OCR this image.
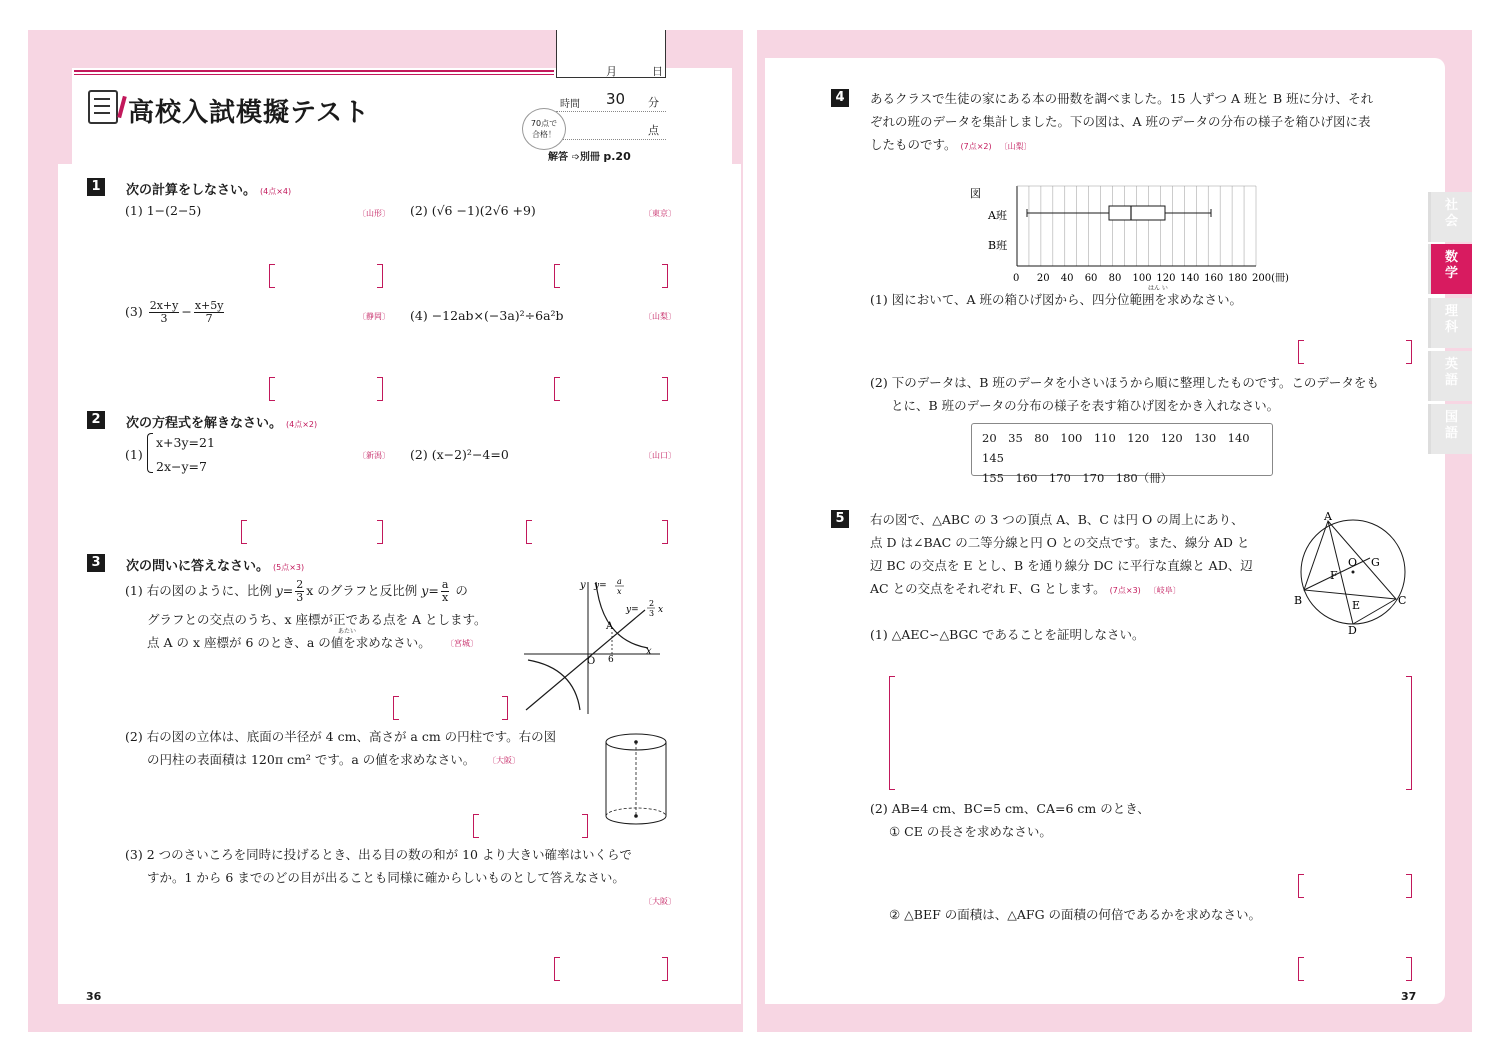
高校入試模擬テスト
月	日
時間 30 分
点
70点で
合格！
解答 ➩別冊 p.20
1	次の計算をしなさい。 (4点×4)
(1) 1−(2−5)	〔山形〕 (2) (√6 −1)(2√6 +9)	〔東京〕
$(3) \frac{2x+y}{3} - \frac{x+5y}{7}$	〔静岡〕 (4) −12ab×(−3a)²÷6a²b	〔山梨〕
2	次の方程式を解きなさい。 (4点×2)
(1)
x+3y=21
2x−y=7
〔新潟〕 (2) (x−2)²−4=0	〔山口〕
3	次の問いに答えなさい。 (5点×3)
(1) 右の図のように、比例 $y= \frac{2}{3}$ x のグラフと反比例 $y= \frac{a}{x}$ の
グラフとの交点のうち、x 座標が正である点を A とします。
あたい
点 A の x 座標が 6 のとき、a の値を求めなさい。 〔宮城〕
y
x
O 6
A
y= a
x
y=
2
3 x
(2) 右の図の立体は、底面の半径が 4 cm、高さが a cm の円柱です。右の図
の円柱の表面積は 120π cm² です。a の値を求めなさい。 〔大阪〕
(3) 2 つのさいころを同時に投げるとき、出る目の数の和が 10 より大きい確率はいくらで
すか。1 から 6 までのどの目が出ることも同様に確からしいものとして答えなさい。
〔大阪〕
36
4	あるクラスで生徒の家にある本の冊数を調べました。15 人ずつ A 班と B 班に分け、それ
ぞれの班のデータを集計しました。下の図は、A 班のデータの分布の様子を箱ひげ図に表
したものです。 (7点×2) 〔山梨〕
図
A班
B班
0 20 40 60 80 100 120 140 160 180 200(冊)
はん い
(1) 図において、A 班の箱ひげ図から、四分位範囲を求めなさい。
(2) 下のデータは、B 班のデータを小さいほうから順に整理したものです。このデータをも
とに、B 班のデータの分布の様子を表す箱ひげ図をかき入れなさい。
20　35　80　100　110　120　120　130　140　145
155　160　170　170　180（冊）
5	右の図で、△ABC の 3 つの頂点 A、B、C は円 O の周上にあり、
点 D は∠BAC の二等分線と円 O との交点です。また、線分 AD と
辺 BC の交点を E とし、B を通り線分 DC に平行な直線と AD、辺
AC との交点をそれぞれ F、G とします。 (7点×3) 〔岐阜〕
A
B	C
D
E
F
G
O
(1) △AEC∽△BGC であることを証明しなさい。
(2) AB=4 cm、BC=5 cm、CA=6 cm のとき、
① CE の長さを求めなさい。
② △BEF の面積は、△AFG の面積の何倍であるかを求めなさい。
37
社
会
数
学
理
科
英
語
国
語
